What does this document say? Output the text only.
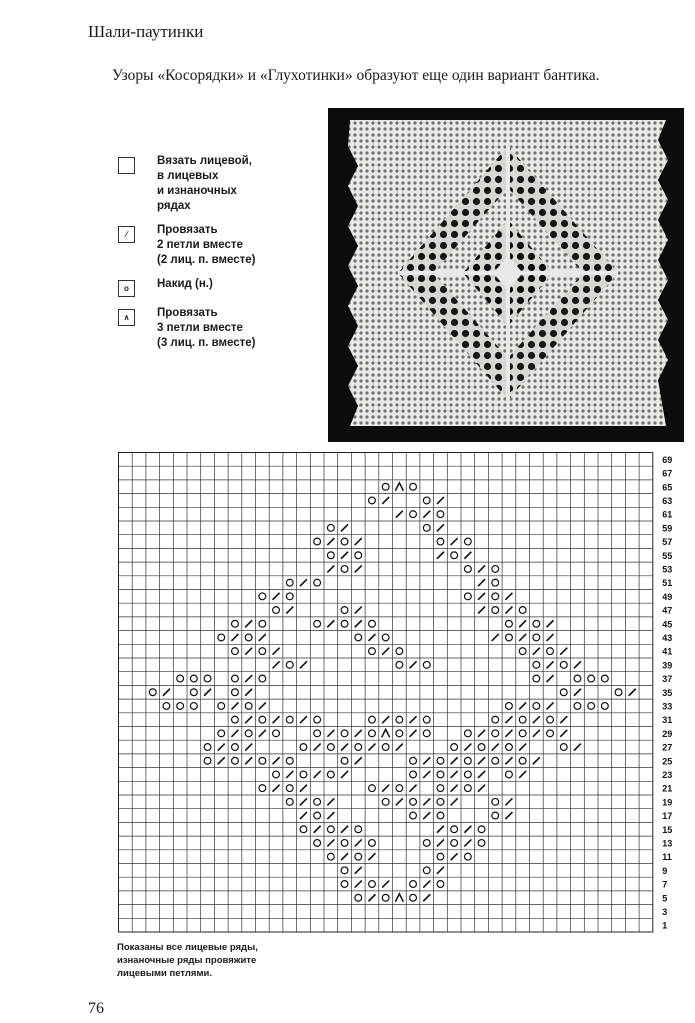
Шали-паутинки
Узоры «Косорядки» и «Глухотинки» образуют еще один вариант бантика.
Вязать лицевой,
в лицевых
и изнаночных
рядах
⁄	Провязать
2 петли вместе
(2 лиц. п. вместе)
o	Накид (н.)
∧	Провязать
3 петли вместе
(3 лиц. п. вместе)
69
67
65
63
61
59
57
55
53
51
49
47
45
43
41
39
37
35
33
31
29
27
25
23
21
19
17
15
13
11
9
7
5
3
1
Показаны все лицевые ряды,
изнаночные ряды провяжите
лицевыми петлями.
76
